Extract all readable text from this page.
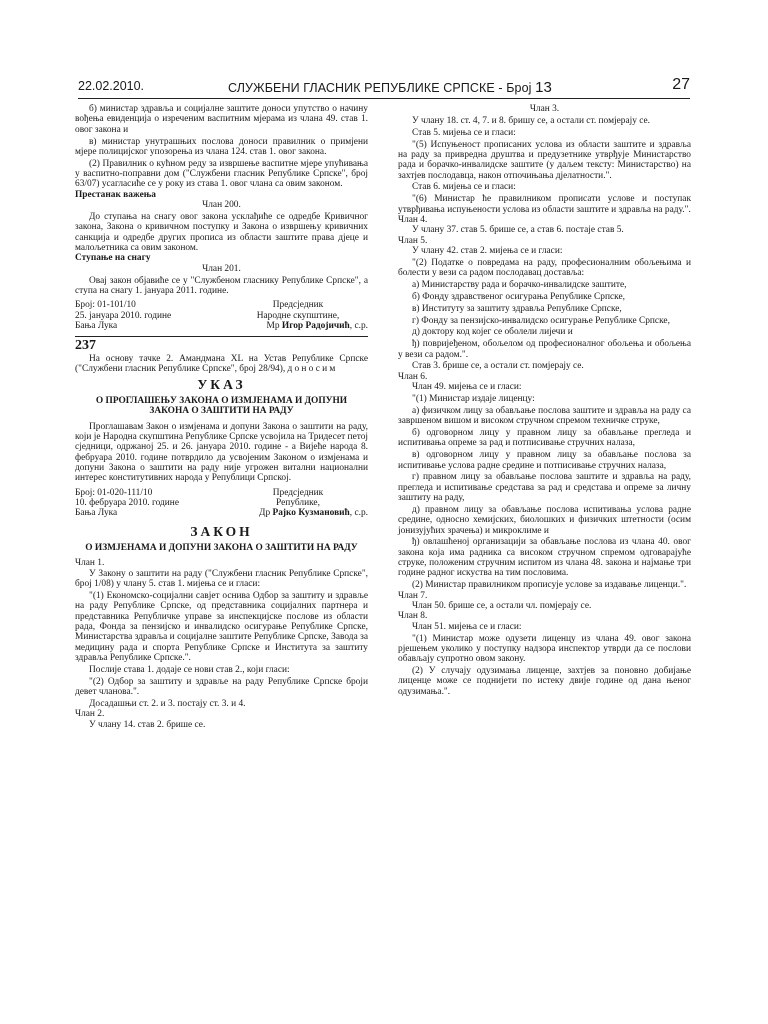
22.02.2010.	СЛУЖБЕНИ ГЛАСНИК РЕПУБЛИКЕ СРПСКЕ - Број 13	27

б) министар здравља и социјалне заштите доноси упутство о начину вођења евиденција о изреченим васпитним мјерама из члана 49. став 1. овог закона и

в) министар унутрашњих послова доноси правилник о примјени мјере полицијског упозорења из члана 124. став 1. овог закона.

(2) Правилник о кућном реду за извршење васпитне мјере упућивања у васпитно-поправни дом ("Службени гласник Републике Српске", број 63/07) усагласиће се у року из става 1. овог члана са овим законом.

Престанак важења

Члан 200.

До ступања на снагу овог закона усклађиће се одредбе Кривичног закона, Закона о кривичном поступку и Закона о извршењу кривичних санкција и одредбе других прописа из области заштите права дјеце и малољетника са овим законом.

Ступање на снагу

Члан 201.

Овај закон објавиће се у "Службеном гласнику Републике Српске", а ступа на снагу 1. јануара 2011. године.

Број: 01-101/10
25. јануара 2010. године
Бања Лука
Предсједник
Народне скупштине,
Мр Игор Радојичић, с.р.
237

На основу тачке 2. Амандмана XL на Устав Републике Српске ("Службени гласник Републике Српске", број 28/94), доносим

УКАЗ
О ПРОГЛАШЕЊУ ЗАКОНА О ИЗМЈЕНАМА И ДОПУНИ ЗАКОНА О ЗАШТИТИ НА РАДУ

Проглашавам Закон о измјенама и допуни Закона о заштити на раду, који је Народна скупштина Републике Српске усвојила на Тридесет петој сједници, одржаној 25. и 26. јануара 2010. године - а Вијеће народа 8. фебруара 2010. године потврдило да усвојеним Законом о измјенама и допуни Закона о заштити на раду није угрожен витални национални интерес конститутивних народа у Републици Српској.

Број: 01-020-111/10
10. фебруара 2010. године
Бања Лука
Предсједник
Републике,
Др Рајко Кузмановић, с.р.
ЗАКОН
О ИЗМЈЕНАМА И ДОПУНИ ЗАКОНА О ЗАШТИТИ НА РАДУ

Члан 1.

У Закону о заштити на раду ("Службени гласник Републике Српске", број 1/08) у члану 5. став 1. мијења се и гласи:

"(1) Економско-социјални савјет оснива Одбор за заштиту и здравље на раду Републике Српске, од представника социјалних партнера и представника Републичке управе за инспекцијске послове из области рада, Фонда за пензијско и инвалидско осигурање Републике Српске, Министарства здравља и социјалне заштите Републике Српске, Завода за медицину рада и спорта Републике Српске и Института за заштиту здравља Републике Српске.".

Послије става 1. додаје се нови став 2., који гласи:

"(2) Одбор за заштиту и здравље на раду Републике Српске броји девет чланова.".

Досадашњи ст. 2. и 3. постају ст. 3. и 4.

Члан 2.

У члану 14. став 2. брише се.

Члан 3.

У члану 18. ст. 4, 7. и 8. бришу се, а остали ст. помјерају се.

Став 5. мијења се и гласи:

"(5) Испуњеност прописаних услова из области заштите и здравља на раду за привредна друштва и предузетнике утврђује Министарство рада и борачко-инвалидске заштите (у даљем тексту: Министарство) на захтјев послодавца, након отпочињања дјелатности.".

Став 6. мијења се и гласи:

"(6) Министар ће правилником прописати услове и поступак утврђивања испуњености услова из области заштите и здравља на раду.".

Члан 4.

У члану 37. став 5. брише се, а став 6. постаје став 5.

Члан 5.

У члану 42. став 2. мијења се и гласи:

"(2) Податке о повредама на раду, професионалним обољењима и болести у вези са радом послодавац доставља:

а) Министарству рада и борачко-инвалидске заштите,

б) Фонду здравственог осигурања Републике Српске,

в) Институту за заштиту здравља Републике Српске,

г) Фонду за пензијско-инвалидско осигурање Републике Српске,

д) доктору код којег се оболели лијечи и

ђ) повријеђеном, обољелом од професионалног обољења и обољења у вези са радом.".

Став 3. брише се, а остали ст. помјерају се.

Члан 6.

Члан 49. мијења се и гласи:

"(1) Министар издаје лиценцу:

а) физичком лицу за обављање послова заштите и здравља на раду са завршеном вишом и високом стручном спремом техничке струке,

б) одговорном лицу у правном лицу за обављање прегледа и испитивања опреме за рад и потписивање стручних налаза,

в) одговорном лицу у правном лицу за обављање послова за испитивање услова радне средине и потписивање стручних налаза,

г) правном лицу за обављање послова заштите и здравља на раду, прегледа и испитивање средстава за рад и средстава и опреме за личну заштиту на раду,

д) правном лицу за обављање послова испитивања услова радне средине, односно хемијских, биолошких и физичких штетности (осим јонизујућих зрачења) и микроклиме и

ђ) овлашћеној организацији за обављање послова из члана 40. овог закона која има радника са високом стручном спремом одговарајуће струке, положеним стручним испитом из члана 48. закона и најмање три године радног искуства на тим пословима.

(2) Министар правилником прописује услове за издавање лиценци.".

Члан 7.

Члан 50. брише се, а остали чл. помјерају се.

Члан 8.

Члан 51. мијења се и гласи:

"(1) Министар може одузети лиценцу из члана 49. овог закона рјешењем уколико у поступку надзора инспектор утврди да се послови обављају супротно овом закону.

(2) У случају одузимања лиценце, захтјев за поновно добијање лиценце може се поднијети по истеку двије године од дана њеног одузимања.".
